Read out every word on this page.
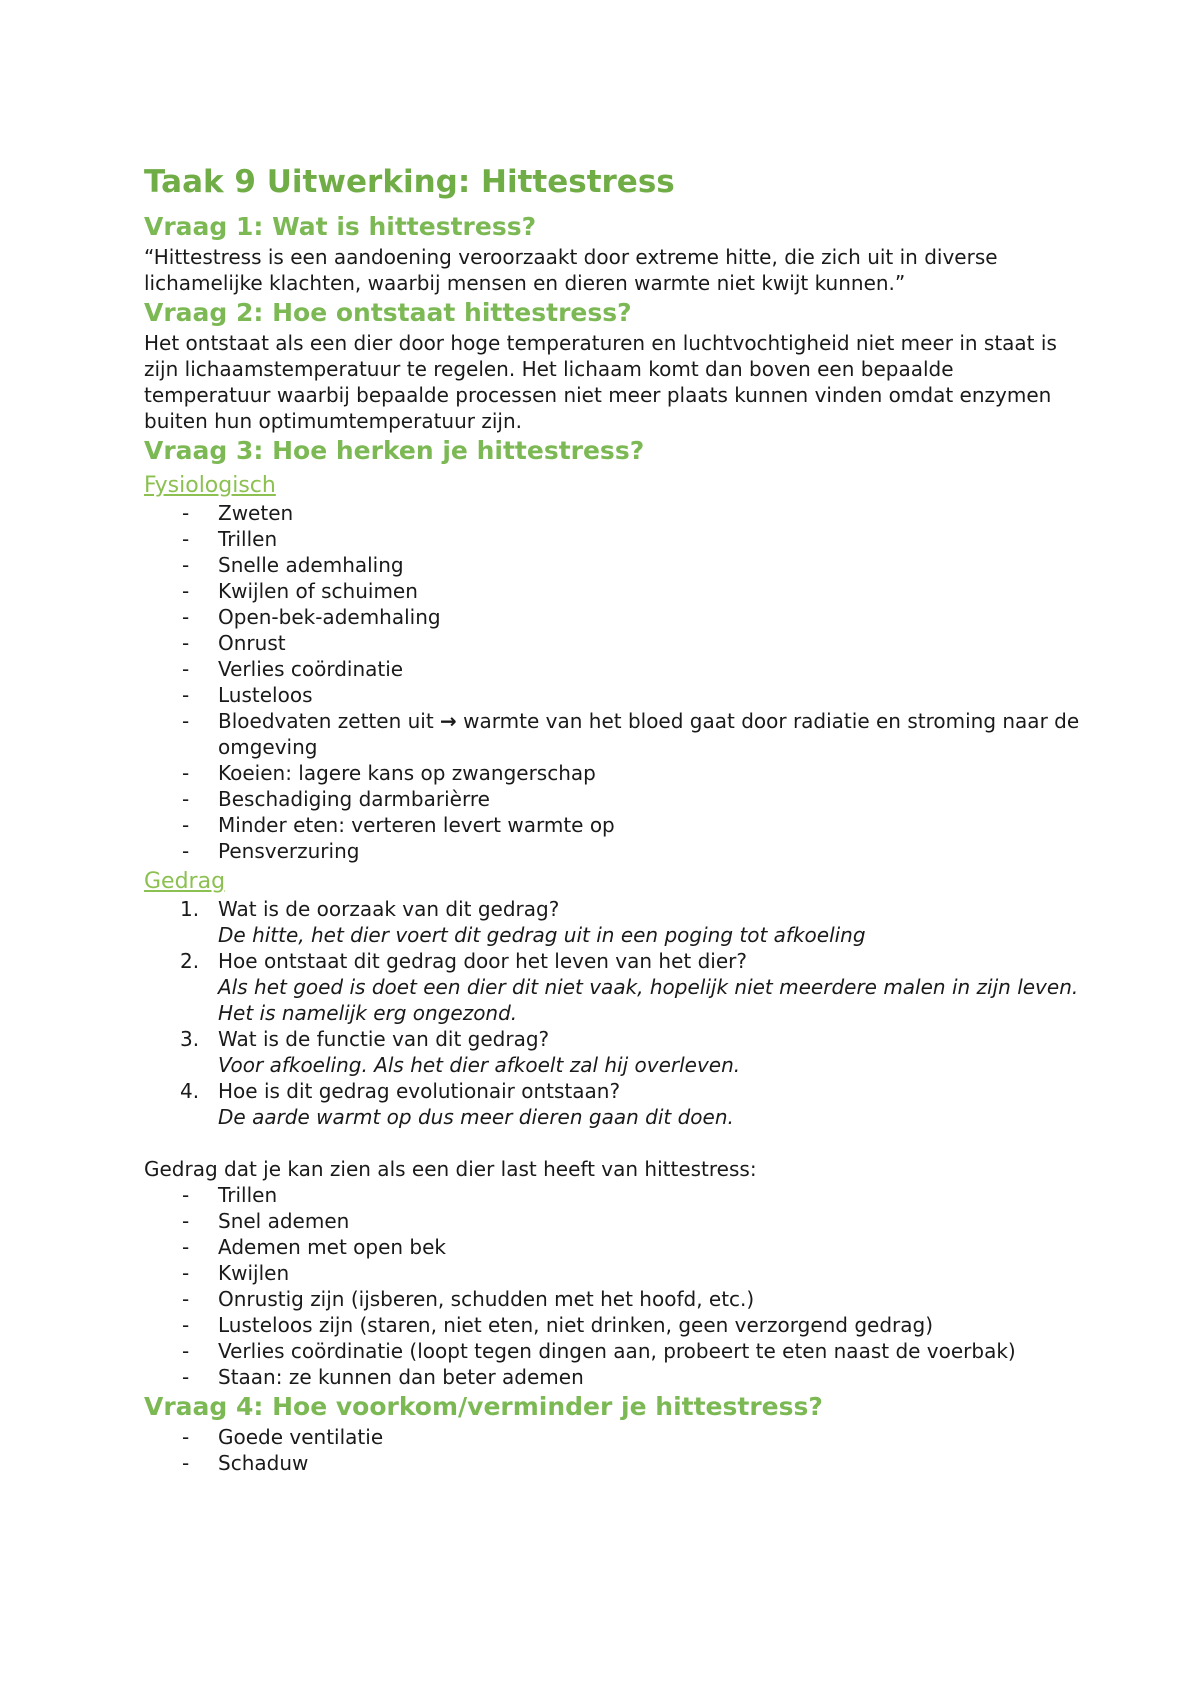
Taak 9 Uitwerking: Hittestress
Vraag 1: Wat is hittestress?

“Hittestress is een aandoening veroorzaakt door extreme hitte, die zich uit in diverse lichamelijke klachten, waarbij mensen en dieren warmte niet kwijt kunnen.”

Vraag 2: Hoe ontstaat hittestress?

Het ontstaat als een dier door hoge temperaturen en luchtvochtigheid niet meer in staat is zijn lichaamstemperatuur te regelen. Het lichaam komt dan boven een bepaalde temperatuur waarbij bepaalde processen niet meer plaats kunnen vinden omdat enzymen buiten hun optimumtemperatuur zijn.

Vraag 3: Hoe herken je hittestress?
Fysiologisch
- Zweten
- Trillen
- Snelle ademhaling
- Kwijlen of schuimen
- Open-bek-ademhaling
- Onrust
- Verlies coördinatie
- Lusteloos
- Bloedvaten zetten uit → warmte van het bloed gaat door radiatie en stroming naar de omgeving
- Koeien: lagere kans op zwangerschap
- Beschadiging darmbarièrre
- Minder eten: verteren levert warmte op
- Pensverzuring
Gedrag
1. Wat is de oorzaak van dit gedrag?
De hitte, het dier voert dit gedrag uit in een poging tot afkoeling
2. Hoe ontstaat dit gedrag door het leven van het dier?
Als het goed is doet een dier dit niet vaak, hopelijk niet meerdere malen in zijn leven. Het is namelijk erg ongezond.
3. Wat is de functie van dit gedrag?
Voor afkoeling. Als het dier afkoelt zal hij overleven.
4. Hoe is dit gedrag evolutionair ontstaan?
De aarde warmt op dus meer dieren gaan dit doen.

Gedrag dat je kan zien als een dier last heeft van hittestress:

- Trillen
- Snel ademen
- Ademen met open bek
- Kwijlen
- Onrustig zijn (ijsberen, schudden met het hoofd, etc.)
- Lusteloos zijn (staren, niet eten, niet drinken, geen verzorgend gedrag)
- Verlies coördinatie (loopt tegen dingen aan, probeert te eten naast de voerbak)
- Staan: ze kunnen dan beter ademen
Vraag 4: Hoe voorkom/verminder je hittestress?
- Goede ventilatie
- Schaduw
